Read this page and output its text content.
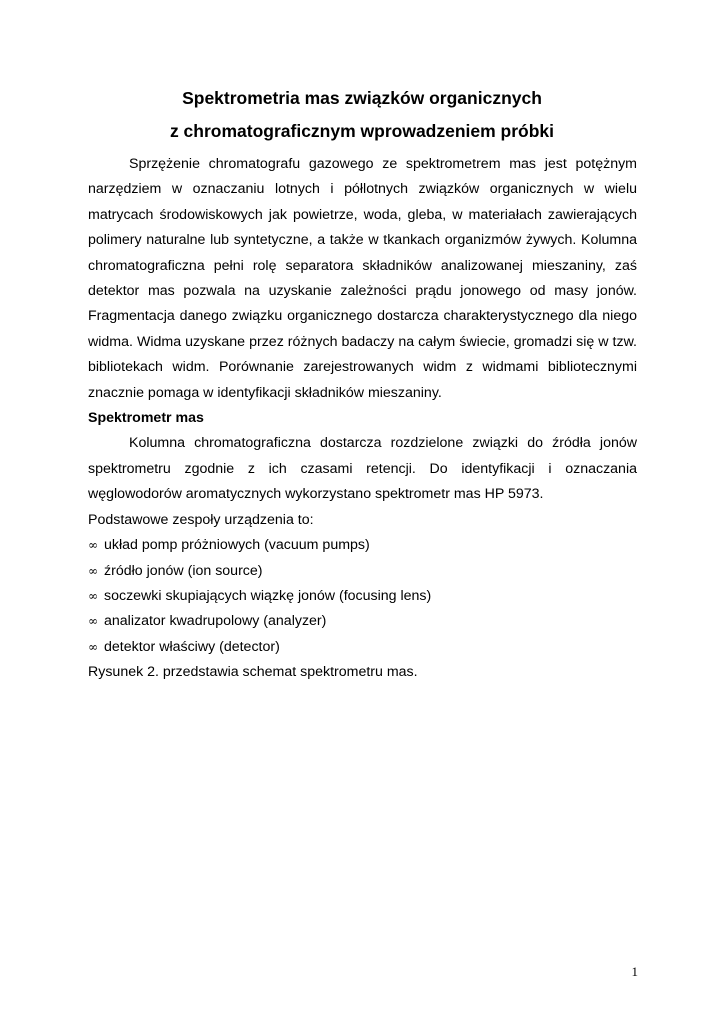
Spektrometria mas związków organicznych
z chromatograficznym wprowadzeniem próbki

Sprzężenie chromatografu gazowego ze spektrometrem mas jest potężnym narzędziem w oznaczaniu lotnych i półlotnych związków organicznych w wielu matrycach środowiskowych jak powietrze, woda, gleba, w materiałach zawierających polimery naturalne lub syntetyczne, a także w tkankach organizmów żywych. Kolumna chromatograficzna pełni rolę separatora składników analizowanej mieszaniny, zaś detektor mas pozwala na uzyskanie zależności prądu jonowego od masy jonów. Fragmentacja danego związku organicznego dostarcza charakterystycznego dla niego widma. Widma uzyskane przez różnych badaczy na całym świecie, gromadzi się w tzw. bibliotekach widm. Porównanie zarejestrowanych widm z widmami bibliotecznymi znacznie pomaga w identyfikacji składników mieszaniny.

Spektrometr mas

Kolumna chromatograficzna dostarcza rozdzielone związki do źródła jonów spektrometru zgodnie z ich czasami retencji. Do identyfikacji i oznaczania węglowodorów aromatycznych wykorzystano spektrometr mas HP 5973.

Podstawowe zespoły urządzenia to:

∞ układ pomp próżniowych (vacuum pumps)
∞ źródło jonów (ion source)
∞ soczewki skupiających wiązkę jonów (focusing lens)
∞ analizator kwadrupolowy (analyzer)
∞ detektor właściwy (detector)

Rysunek 2. przedstawia schemat spektrometru mas.

1
